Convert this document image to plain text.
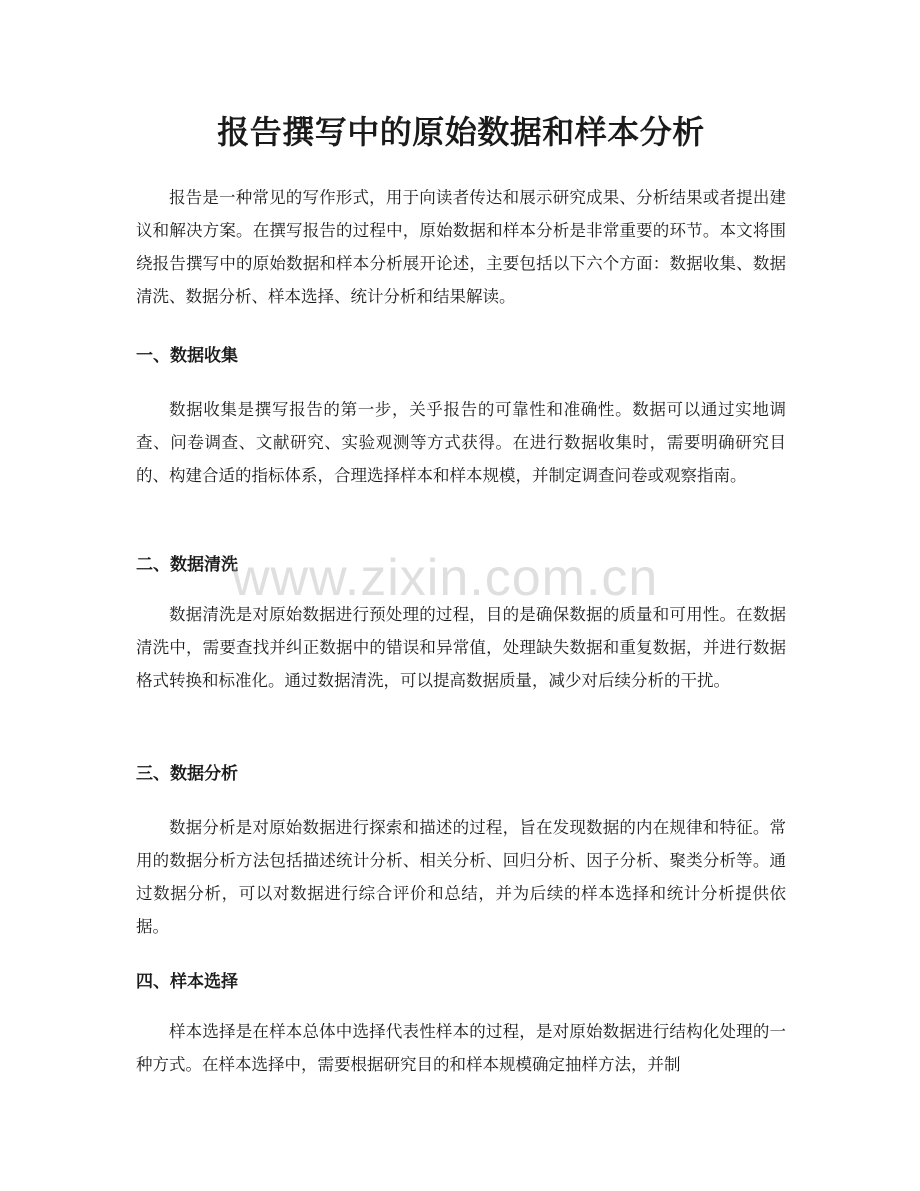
报告撰写中的原始数据和样本分析

报告是一种常见的写作形式，用于向读者传达和展示研究成果、分析结果或者提出建议和解决方案。在撰写报告的过程中，原始数据和样本分析是非常重要的环节。本文将围绕报告撰写中的原始数据和样本分析展开论述，主要包括以下六个方面：数据收集、数据清洗、数据分析、样本选择、统计分析和结果解读。

一、数据收集

数据收集是撰写报告的第一步，关乎报告的可靠性和准确性。数据可以通过实地调查、问卷调查、文献研究、实验观测等方式获得。在进行数据收集时，需要明确研究目的、构建合适的指标体系，合理选择样本和样本规模，并制定调查问卷或观察指南。

二、数据清洗

数据清洗是对原始数据进行预处理的过程，目的是确保数据的质量和可用性。在数据清洗中，需要查找并纠正数据中的错误和异常值，处理缺失数据和重复数据，并进行数据格式转换和标准化。通过数据清洗，可以提高数据质量，减少对后续分析的干扰。

三、数据分析

数据分析是对原始数据进行探索和描述的过程，旨在发现数据的内在规律和特征。常用的数据分析方法包括描述统计分析、相关分析、回归分析、因子分析、聚类分析等。通过数据分析，可以对数据进行综合评价和总结，并为后续的样本选择和统计分析提供依据。

四、样本选择

样本选择是在样本总体中选择代表性样本的过程，是对原始数据进行结构化处理的一种方式。在样本选择中，需要根据研究目的和样本规模确定抽样方法，并制

www.zixin.com.cn
